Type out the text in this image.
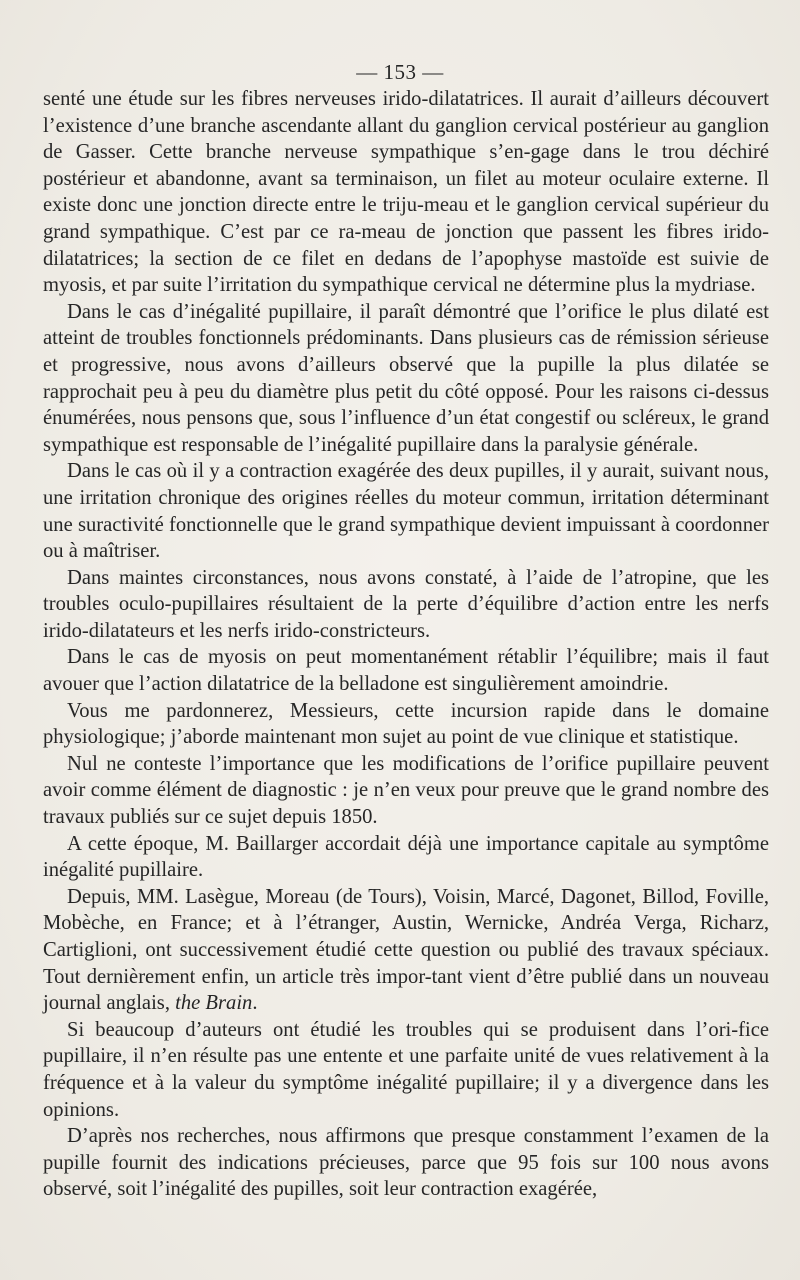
— 153 —

senté une étude sur les fibres nerveuses irido-dilatatrices. Il aurait d’ailleurs découvert l’existence d’une branche ascendante allant du ganglion cervical postérieur au ganglion de Gasser. Cette branche nerveuse sympathique s’en-gage dans le trou déchiré postérieur et abandonne, avant sa terminaison, un filet au moteur oculaire externe. Il existe donc une jonction directe entre le triju-meau et le ganglion cervical supérieur du grand sympathique. C’est par ce ra-meau de jonction que passent les fibres irido-dilatatrices; la section de ce filet en dedans de l’apophyse mastoïde est suivie de myosis, et par suite l’irritation du sympathique cervical ne détermine plus la mydriase.

Dans le cas d’inégalité pupillaire, il paraît démontré que l’orifice le plus dilaté est atteint de troubles fonctionnels prédominants. Dans plusieurs cas de rémission sérieuse et progressive, nous avons d’ailleurs observé que la pupille la plus dilatée se rapprochait peu à peu du diamètre plus petit du côté opposé. Pour les raisons ci-dessus énumérées, nous pensons que, sous l’influence d’un état congestif ou scléreux, le grand sympathique est responsable de l’inégalité pupillaire dans la paralysie générale.

Dans le cas où il y a contraction exagérée des deux pupilles, il y aurait, suivant nous, une irritation chronique des origines réelles du moteur commun, irritation déterminant une suractivité fonctionnelle que le grand sympathique devient impuissant à coordonner ou à maîtriser.

Dans maintes circonstances, nous avons constaté, à l’aide de l’atropine, que les troubles oculo-pupillaires résultaient de la perte d’équilibre d’action entre les nerfs irido-dilatateurs et les nerfs irido-constricteurs.

Dans le cas de myosis on peut momentanément rétablir l’équilibre; mais il faut avouer que l’action dilatatrice de la belladone est singulièrement amoindrie.

Vous me pardonnerez, Messieurs, cette incursion rapide dans le domaine physiologique; j’aborde maintenant mon sujet au point de vue clinique et statistique.

Nul ne conteste l’importance que les modifications de l’orifice pupillaire peuvent avoir comme élément de diagnostic : je n’en veux pour preuve que le grand nombre des travaux publiés sur ce sujet depuis 1850.

A cette époque, M. Baillarger accordait déjà une importance capitale au symptôme inégalité pupillaire.

Depuis, MM. Lasègue, Moreau (de Tours), Voisin, Marcé, Dagonet, Billod, Foville, Mobèche, en France; et à l’étranger, Austin, Wernicke, Andréa Verga, Richarz, Cartiglioni, ont successivement étudié cette question ou publié des travaux spéciaux. Tout dernièrement enfin, un article très impor-tant vient d’être publié dans un nouveau journal anglais, the Brain.

Si beaucoup d’auteurs ont étudié les troubles qui se produisent dans l’ori-fice pupillaire, il n’en résulte pas une entente et une parfaite unité de vues relativement à la fréquence et à la valeur du symptôme inégalité pupillaire; il y a divergence dans les opinions.

D’après nos recherches, nous affirmons que presque constamment l’examen de la pupille fournit des indications précieuses, parce que 95 fois sur 100 nous avons observé, soit l’inégalité des pupilles, soit leur contraction exagérée,
